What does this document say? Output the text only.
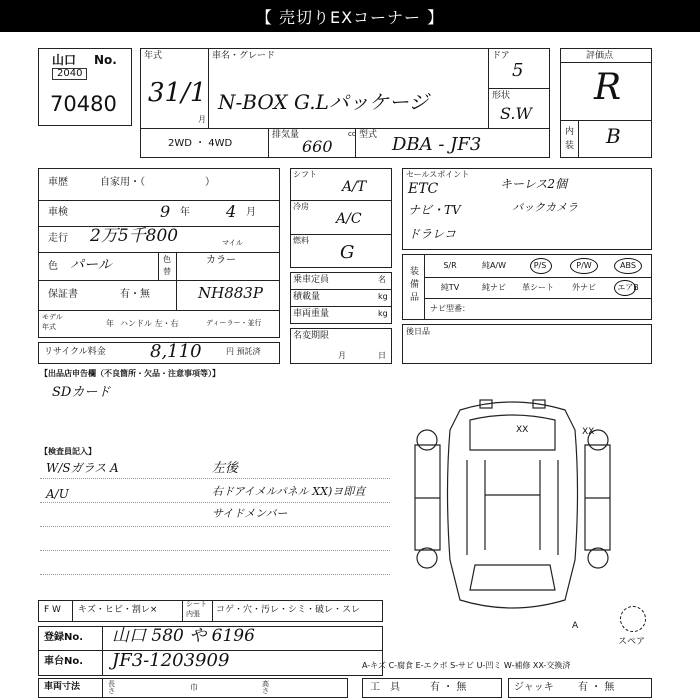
【 売切りEXコーナー 】
山口 No.
2040
70480
年式
31/1
月
車名・グレード
N-BOX G.Lパッケージ
ドア
5
形状
S.W
2WD ・ 4WD
排気量
660
cc 型式 DBA - JF3
評価点
R
内
装 B
車歴	自家用・（　　　　　　）
車検	9 年 4 月
走行 2万5千800	マイル
色 パール	色
替
カラー
保証書	有・無	NH883P
モデル
年式	年 ハンドル 左・右	ディーラー・並行
リサイクル料金 8,110	円 預託済
シフト
A/T
冷房
A/C
燃料
G
乗車定員	名
積載量	kg
車両重量	kg
名変期限
月	日
セールスポイント
ETC	キーレス2個
ナビ・TV	バックカメラ
ドラレコ
装備品
S/R	純A/W	P/S	P/W	ABS
純TV	純ナビ	革シート	外ナビ	エアB
ナビ型番：
後日品
【出品店申告欄（不良箇所・欠品・注意事項等）】
SDカード
【検査員記入】
W/Sガラス A
A/U
左後
右ドアイメルパネル XX)ヨ即直
サイドメンバー
XX	XX
A
スペア
F W キズ・ヒビ・割レ×
シート
内張 コゲ・穴・汚レ・シミ・破レ・スレ
登録No. 山口 580 や 6196
車台No. JF3-1203909	A-キズ C-腐食 E-エクボ S-サビ U-凹ミ W-補修 XX-交換済
車両寸法	長さ	巾	高さ	工　具	有 ・ 無	ジャッキ 有 ・ 無
